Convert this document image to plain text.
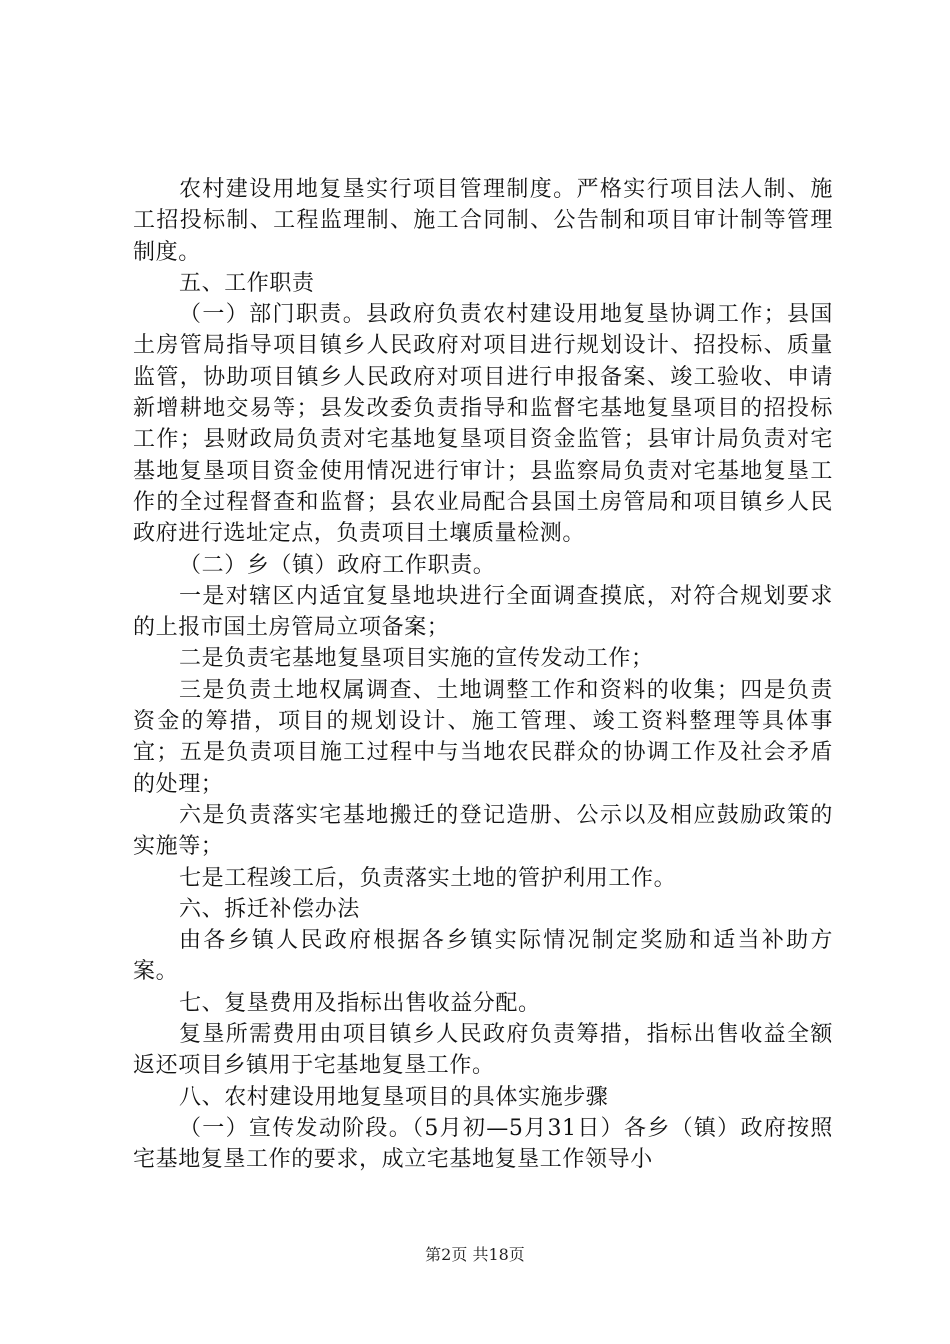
农村建设用地复垦实行项目管理制度。严格实行项目法人制、施工招投标制、工程监理制、施工合同制、公告制和项目审计制等管理制度。

五、工作职责

（一）部门职责。县政府负责农村建设用地复垦协调工作；县国土房管局指导项目镇乡人民政府对项目进行规划设计、招投标、质量监管，协助项目镇乡人民政府对项目进行申报备案、竣工验收、申请新增耕地交易等；县发改委负责指导和监督宅基地复垦项目的招投标工作；县财政局负责对宅基地复垦项目资金监管；县审计局负责对宅基地复垦项目资金使用情况进行审计；县监察局负责对宅基地复垦工作的全过程督查和监督；县农业局配合县国土房管局和项目镇乡人民政府进行选址定点，负责项目土壤质量检测。

（二）乡（镇）政府工作职责。

一是对辖区内适宜复垦地块进行全面调查摸底，对符合规划要求的上报市国土房管局立项备案；

二是负责宅基地复垦项目实施的宣传发动工作；

三是负责土地权属调查、土地调整工作和资料的收集；四是负责资金的筹措，项目的规划设计、施工管理、竣工资料整理等具体事宜；五是负责项目施工过程中与当地农民群众的协调工作及社会矛盾的处理；

六是负责落实宅基地搬迁的登记造册、公示以及相应鼓励政策的实施等；

七是工程竣工后，负责落实土地的管护利用工作。

六、拆迁补偿办法

由各乡镇人民政府根据各乡镇实际情况制定奖励和适当补助方案。

七、复垦费用及指标出售收益分配。

复垦所需费用由项目镇乡人民政府负责筹措，指标出售收益全额返还项目乡镇用于宅基地复垦工作。

八、农村建设用地复垦项目的具体实施步骤

（一）宣传发动阶段。（5月初—5月31日）各乡（镇）政府按照宅基地复垦工作的要求，成立宅基地复垦工作领导小

第2页 共18页
